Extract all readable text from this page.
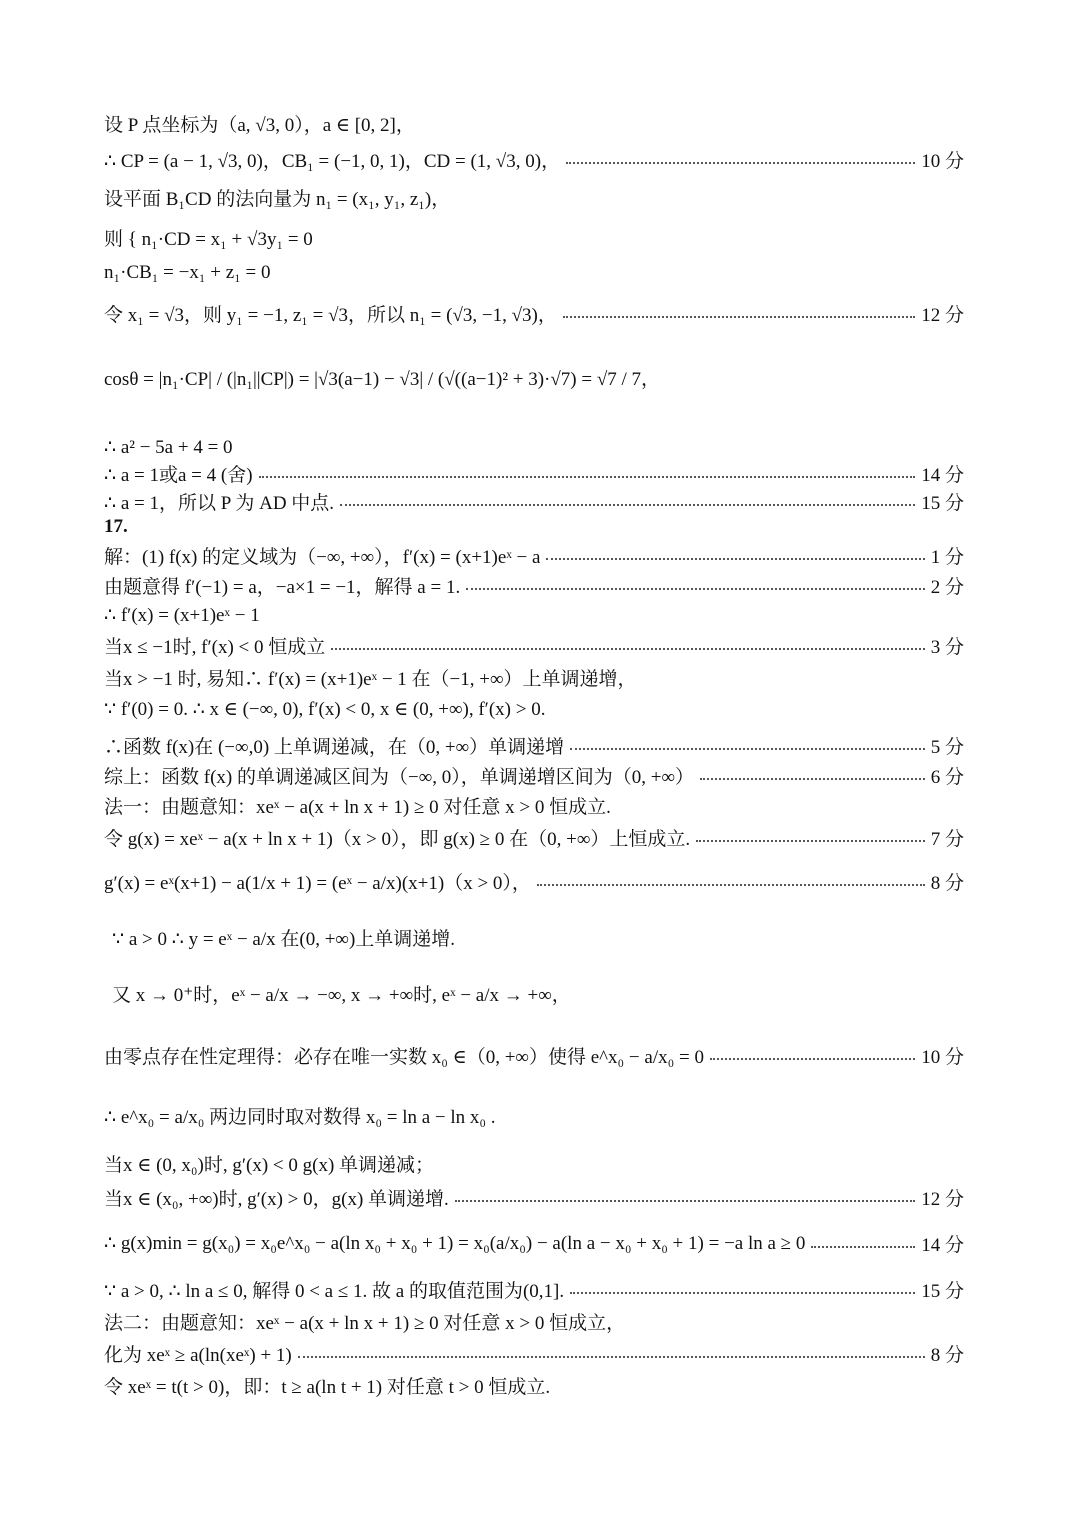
设 P 点坐标为（a, √3, 0），a ∈ [0, 2]，
∴ CP = (a − 1, √3, 0)，CB₁ = (−1, 0, 1)，CD = (1, √3, 0)，	10 分
设平面 B₁CD 的法向量为 n₁ = (x₁, y₁, z₁)，
则 { n₁·CD = x₁ + √3y₁ = 0
n₁·CB₁ = −x₁ + z₁ = 0
令 x₁ = √3，则 y₁ = −1, z₁ = √3，所以 n₁ = (√3, −1, √3)，	12 分
cosθ = |n₁·CP| / (|n₁||CP|) = |√3(a−1) − √3| / (√((a−1)² + 3)·√7) = √7 / 7，
∴ a² − 5a + 4 = 0
∴ a = 1或a = 4 (舍)	14 分
∴ a = 1，所以 P 为 AD 中点.	15 分
17.
解：(1) f(x) 的定义域为（−∞, +∞），f′(x) = (x+1)eˣ − a	1 分
由题意得 f′(−1) = a，−a×1 = −1，解得 a = 1.	2 分
∴ f′(x) = (x+1)eˣ − 1
当x ≤ −1时, f′(x) < 0 恒成立	3 分
当x > −1 时, 易知∴ f′(x) = (x+1)eˣ − 1 在（−1, +∞）上单调递增，
∵ f′(0) = 0. ∴ x ∈ (−∞, 0), f′(x) < 0, x ∈ (0, +∞), f′(x) > 0.
∴函数 f(x)在 (−∞,0) 上单调递减，在（0, +∞）单调递增	5 分
综上：函数 f(x) 的单调递减区间为（−∞, 0），单调递增区间为（0, +∞）	6 分
法一：由题意知：xeˣ − a(x + ln x + 1) ≥ 0 对任意 x > 0 恒成立.
令 g(x) = xeˣ − a(x + ln x + 1)（x > 0），即 g(x) ≥ 0 在（0, +∞）上恒成立.	7 分
g′(x) = eˣ(x+1) − a(1/x + 1) = (eˣ − a/x)(x+1)（x > 0），	8 分
∵ a > 0 ∴ y = eˣ − a/x 在(0, +∞)上单调递增.
又 x → 0⁺时，eˣ − a/x → −∞, x → +∞时, eˣ − a/x → +∞，
由零点存在性定理得：必存在唯一实数 x₀ ∈（0, +∞）使得 e^x₀ − a/x₀ = 0	10 分
∴ e^x₀ = a/x₀ 两边同时取对数得 x₀ = ln a − ln x₀ .
当x ∈ (0, x₀)时, g′(x) < 0 g(x) 单调递减；
当x ∈ (x₀, +∞)时, g′(x) > 0，g(x) 单调递增.	12 分
∴ g(x)min = g(x₀) = x₀e^x₀ − a(ln x₀ + x₀ + 1) = x₀(a/x₀) − a(ln a − x₀ + x₀ + 1) = −a ln a ≥ 0	14 分
∵ a > 0, ∴ ln a ≤ 0, 解得 0 < a ≤ 1. 故 a 的取值范围为(0,1].	15 分
法二：由题意知：xeˣ − a(x + ln x + 1) ≥ 0 对任意 x > 0 恒成立，
化为 xeˣ ≥ a(ln(xeˣ) + 1)	8 分
令 xeˣ = t(t > 0)，即：t ≥ a(ln t + 1) 对任意 t > 0 恒成立.
